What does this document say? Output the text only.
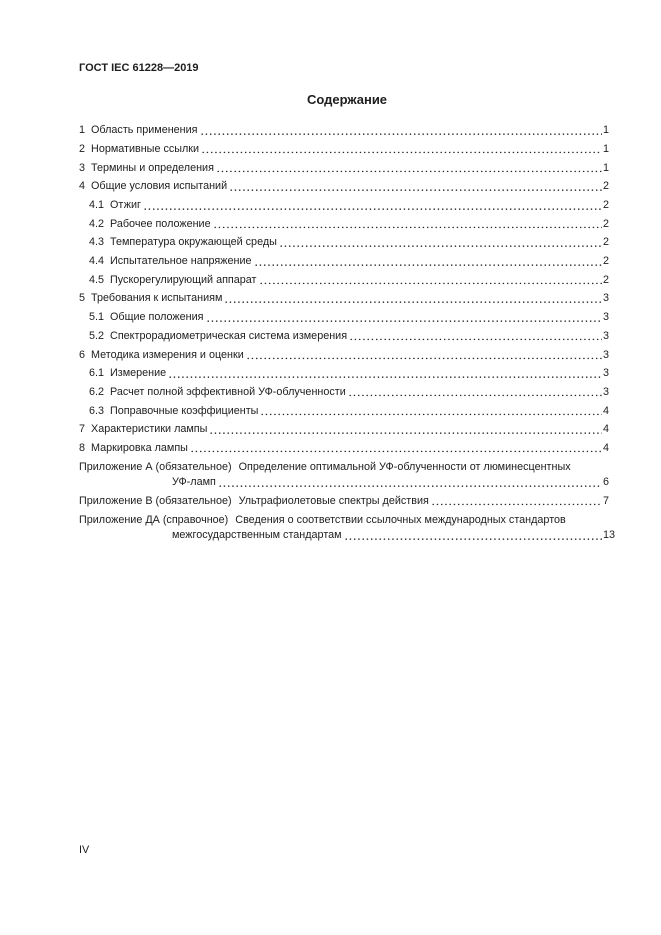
ГОСТ IEC 61228—2019
Содержание
1 Область применения	1
2 Нормативные ссылки	1
3 Термины и определения	1
4 Общие условия испытаний	2
4.1 Отжиг	2
4.2 Рабочее положение	2
4.3 Температура окружающей среды	2
4.4 Испытательное напряжение	2
4.5 Пускорегулирующий аппарат	2
5 Требования к испытаниям	3
5.1 Общие положения	3
5.2 Спектрорадиометрическая система измерения	3
6 Методика измерения и оценки	3
6.1 Измерение	3
6.2 Расчет полной эффективной УФ-облученности	3
6.3 Поправочные коэффициенты	4
7 Характеристики лампы	4
8 Маркировка лампы	4
Приложение А (обязательное) Определение оптимальной УФ-облученности от люминесцентных
УФ-ламп	6
Приложение В (обязательное) Ультрафиолетовые спектры действия	7
Приложение ДА (справочное) Сведения о соответствии ссылочных международных стандартов
межгосударственным стандартам	13
IV
